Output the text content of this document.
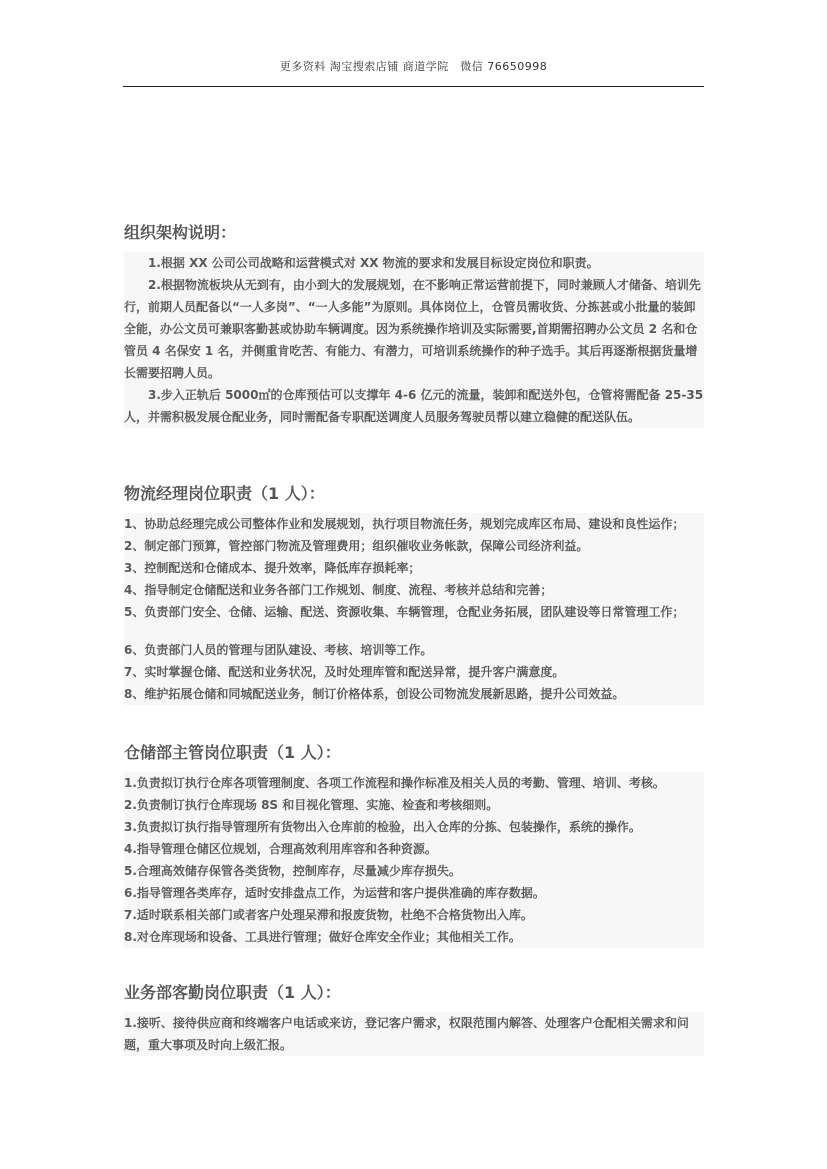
更多资料 淘宝搜索店铺 商道学院　微信 76650998
组织架构说明：

1.根据 XX 公司公司战略和运营模式对 XX 物流的要求和发展目标设定岗位和职责。

2.根据物流板块从无到有，由小到大的发展规划，在不影响正常运营前提下，同时兼顾人才储备、培训先行，前期人员配备以“一人多岗”、“一人多能”为原则。具体岗位上，仓管员需收货、分拣甚或小批量的装卸全能，办公文员可兼职客勤甚或协助车辆调度。因为系统操作培训及实际需要,首期需招聘办公文员 2 名和仓管员 4 名保安 1 名，并侧重肯吃苦、有能力、有潜力，可培训系统操作的种子选手。其后再逐渐根据货量增长需要招聘人员。

3.步入正轨后 5000㎡的仓库预估可以支撑年 4-6 亿元的流量，装卸和配送外包，仓管将需配备 25-35 人，并需积极发展仓配业务，同时需配备专职配送调度人员服务驾驶员帮以建立稳健的配送队伍。

物流经理岗位职责（1 人）：

1、协助总经理完成公司整体作业和发展规划，执行项目物流任务，规划完成库区布局、建设和良性运作；

2、制定部门预算，管控部门物流及管理费用；组织催收业务帐款，保障公司经济利益。

3、控制配送和仓储成本、提升效率，降低库存损耗率；

4、指导制定仓储配送和业务各部门工作规划、制度、流程、考核并总结和完善；

5、负责部门安全、仓储、运输、配送、资源收集、车辆管理，仓配业务拓展，团队建设等日常管理工作；

6、负责部门人员的管理与团队建设、考核、培训等工作。

7、实时掌握仓储、配送和业务状况，及时处理库管和配送异常，提升客户满意度。

8、维护拓展仓储和同城配送业务，制订价格体系，创设公司物流发展新思路，提升公司效益。

仓储部主管岗位职责（1 人）：

1.负责拟订执行仓库各项管理制度、各项工作流程和操作标准及相关人员的考勤、管理、培训、考核。

2.负责制订执行仓库现场 8S 和目视化管理、实施、检查和考核细则。

3.负责拟订执行指导管理所有货物出入仓库前的检验，出入仓库的分拣、包装操作，系统的操作。

4.指导管理仓储区位规划，合理高效利用库容和各种资源。

5.合理高效储存保管各类货物，控制库存，尽量减少库存损失。

6.指导管理各类库存，适时安排盘点工作，为运营和客户提供准确的库存数据。

7.适时联系相关部门或者客户处理呆滞和报废货物，杜绝不合格货物出入库。

8.对仓库现场和设备、工具进行管理；做好仓库安全作业；其他相关工作。

业务部客勤岗位职责（1 人）：

1.接听、接待供应商和终端客户电话或来访，登记客户需求，权限范围内解答、处理客户仓配相关需求和问题，重大事项及时向上级汇报。
